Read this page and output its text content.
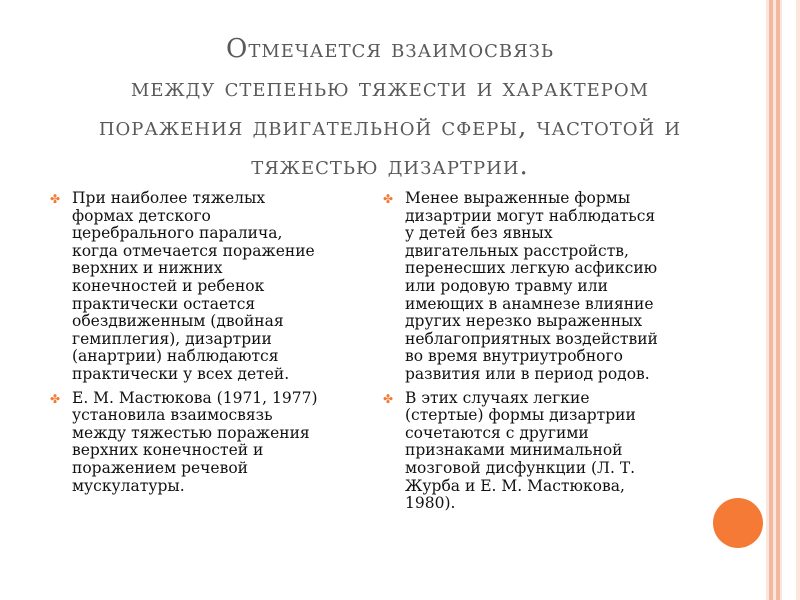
Отмечается взаимосвязь
между степенью тяжести и характером
поражения двигательной сферы, частотой и
тяжестью дизартрии.
✤ При наиболее тяжелых
формах детского
церебрального паралича,
когда отмечается поражение
верхних и нижних
конечностей и ребенок
практически остается
обездвиженным (двойная
гемиплегия), дизартрии
(анартрии) наблюдаются
практически у всех детей.
✤ Е. М. Мастюкова (1971, 1977)
установила взаимосвязь
между тяжестью поражения
верхних конечностей и
поражением речевой
мускулатуры.
✤ Менее выраженные формы
дизартрии могут наблюдаться
у детей без явных
двигательных расстройств,
перенесших легкую асфиксию
или родовую травму или
имеющих в анамнезе влияние
других нерезко выраженных
неблагоприятных воздействий
во время внутриутробного
развития или в период родов.
✤ В этих случаях легкие
(стертые) формы дизартрии
сочетаются с другими
признаками минимальной
мозговой дисфункции (Л. Т.
Журба и Е. М. Мастюкова,
1980).
